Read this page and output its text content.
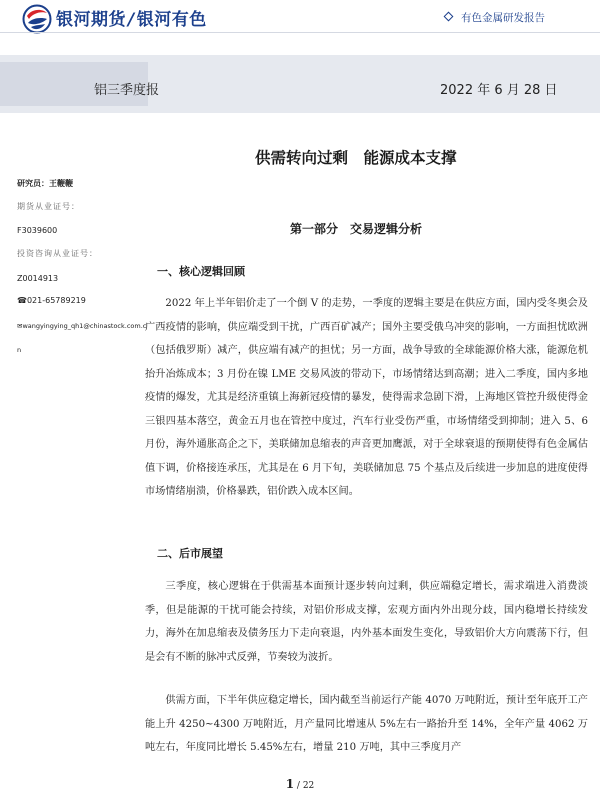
银河期货 / 银河有色	有色金属研发报告
铝三季度报	2022 年 6 月 28 日
研究员：王鞭鞭
期货从业证号：
F3039600
投资咨询从业证号：
Z0014913
☎021-65789219
✉wangyingying_qh1@chinastock.com.c
n
供需转向过剩　能源成本支撑
第一部分　交易逻辑分析
一、核心逻辑回顾

2022 年上半年铝价走了一个倒 V 的走势，一季度的逻辑主要是在供应方面，国内受冬奥会及广西疫情的影响，供应端受到干扰，广西百矿减产；国外主要受俄乌冲突的影响，一方面担忧欧洲（包括俄罗斯）减产，供应端有减产的担忧；另一方面，战争导致的全球能源价格大涨，能源危机抬升冶炼成本；3 月份在镍 LME 交易风波的带动下，市场情绪达到高潮；进入二季度，国内多地疫情的爆发，尤其是经济重镇上海新冠疫情的暴发，使得需求急剧下滑，上海地区管控升级使得金三银四基本落空，黄金五月也在管控中度过，汽车行业受伤严重，市场情绪受到抑制；进入 5、6 月份，海外通胀高企之下，美联储加息缩表的声音更加鹰派，对于全球衰退的预期使得有色金属估值下调，价格接连承压，尤其是在 6 月下旬，美联储加息 75 个基点及后续进一步加息的进度使得市场情绪崩溃，价格暴跌，铝价跌入成本区间。

二、后市展望

三季度，核心逻辑在于供需基本面预计逐步转向过剩，供应端稳定增长，需求端进入消费淡季，但是能源的干扰可能会持续，对铝价形成支撑，宏观方面内外出现分歧，国内稳增长持续发力，海外在加息缩表及债务压力下走向衰退，内外基本面发生变化，导致铝价大方向震荡下行，但是会有不断的脉冲式反弹，节奏较为波折。

供需方面，下半年供应稳定增长，国内截至当前运行产能 4070 万吨附近，预计至年底开工产能上升 4250~4300 万吨附近，月产量同比增速从 5%左右一路抬升至 14%，全年产量 4062 万吨左右，年度同比增长 5.45%左右，增量 210 万吨，其中三季度月产

1 / 22
